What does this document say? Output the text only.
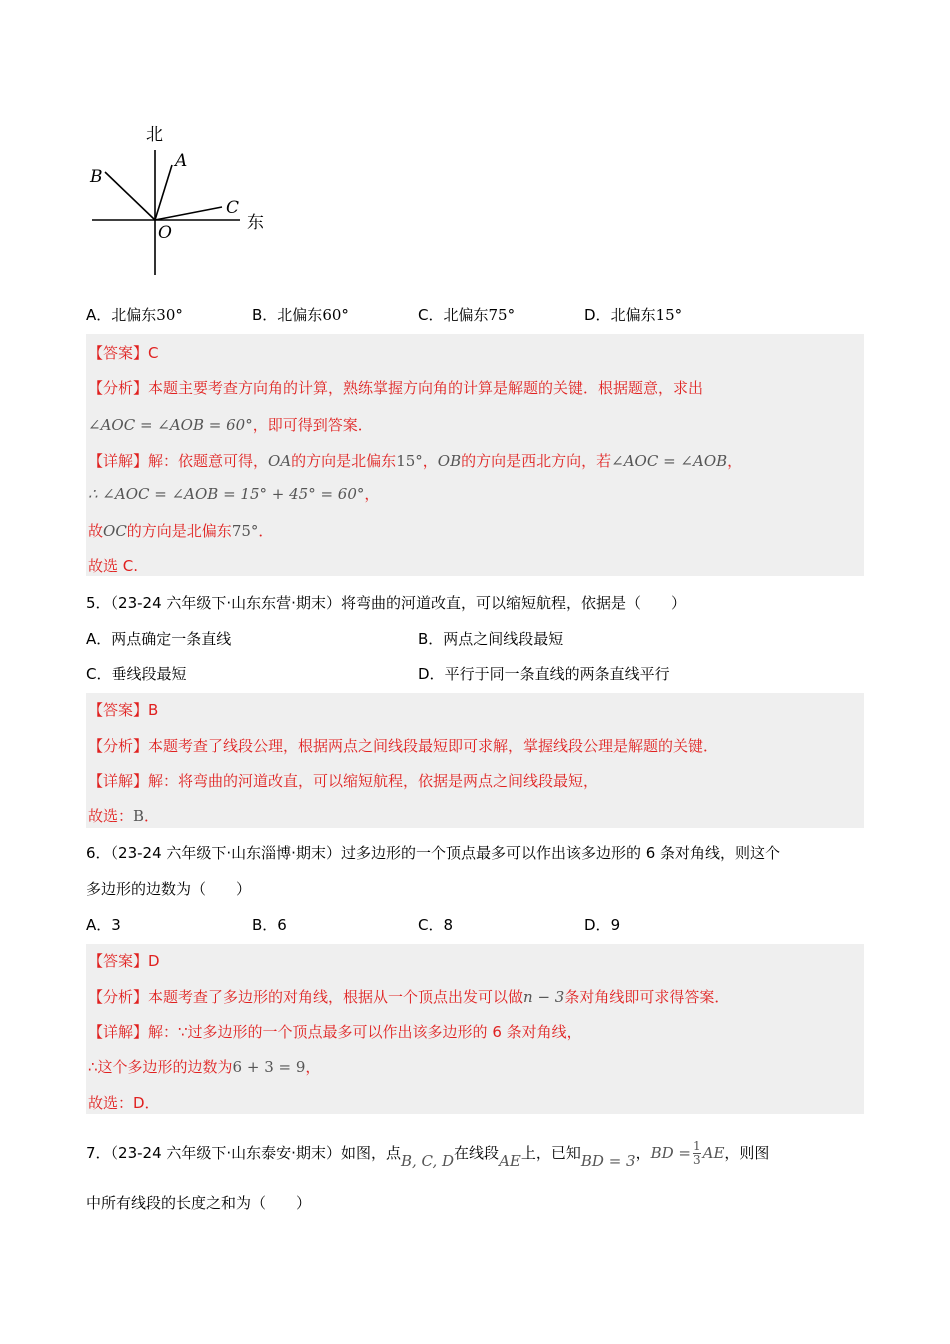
北
东
A
B
C
O
A．北偏东30°	B．北偏东60°	C．北偏东75°	D．北偏东15°
【答案】C
【分析】本题主要考查方向角的计算，熟练掌握方向角的计算是解题的关键．根据题意，求出
∠AOC = ∠AOB = 60°，即可得到答案．
【详解】解：依题意可得，OA的方向是北偏东15°，OB的方向是西北方向，若∠AOC = ∠AOB，
∴ ∠AOC = ∠AOB = 15° + 45° = 60°，
故OC的方向是北偏东75°．
故选 C.
5．（23-24 六年级下·山东东营·期末）将弯曲的河道改直，可以缩短航程，依据是（　　）
A．两点确定一条直线	B．两点之间线段最短
C．垂线段最短	D．平行于同一条直线的两条直线平行
【答案】B
【分析】本题考查了线段公理，根据两点之间线段最短即可求解，掌握线段公理是解题的关键．
【详解】解：将弯曲的河道改直，可以缩短航程，依据是两点之间线段最短，
故选：B．
6．（23-24 六年级下·山东淄博·期末）过多边形的一个顶点最多可以作出该多边形的 6 条对角线，则这个
多边形的边数为（　　）
A．3	B．6	C．8	D．9
【答案】D
【分析】本题考查了多边形的对角线，根据从一个顶点出发可以做n − 3条对角线即可求得答案．
【详解】解：∵过多边形的一个顶点最多可以作出该多边形的 6 条对角线，
∴这个多边形的边数为6 + 3 = 9，
故选：D．
7．（23-24 六年级下·山东泰安·期末）如图，点B, C, D在线段AE上，已知BD = 3，BD = $\frac{1}{3}$ AE，则图
中所有线段的长度之和为（　　）
